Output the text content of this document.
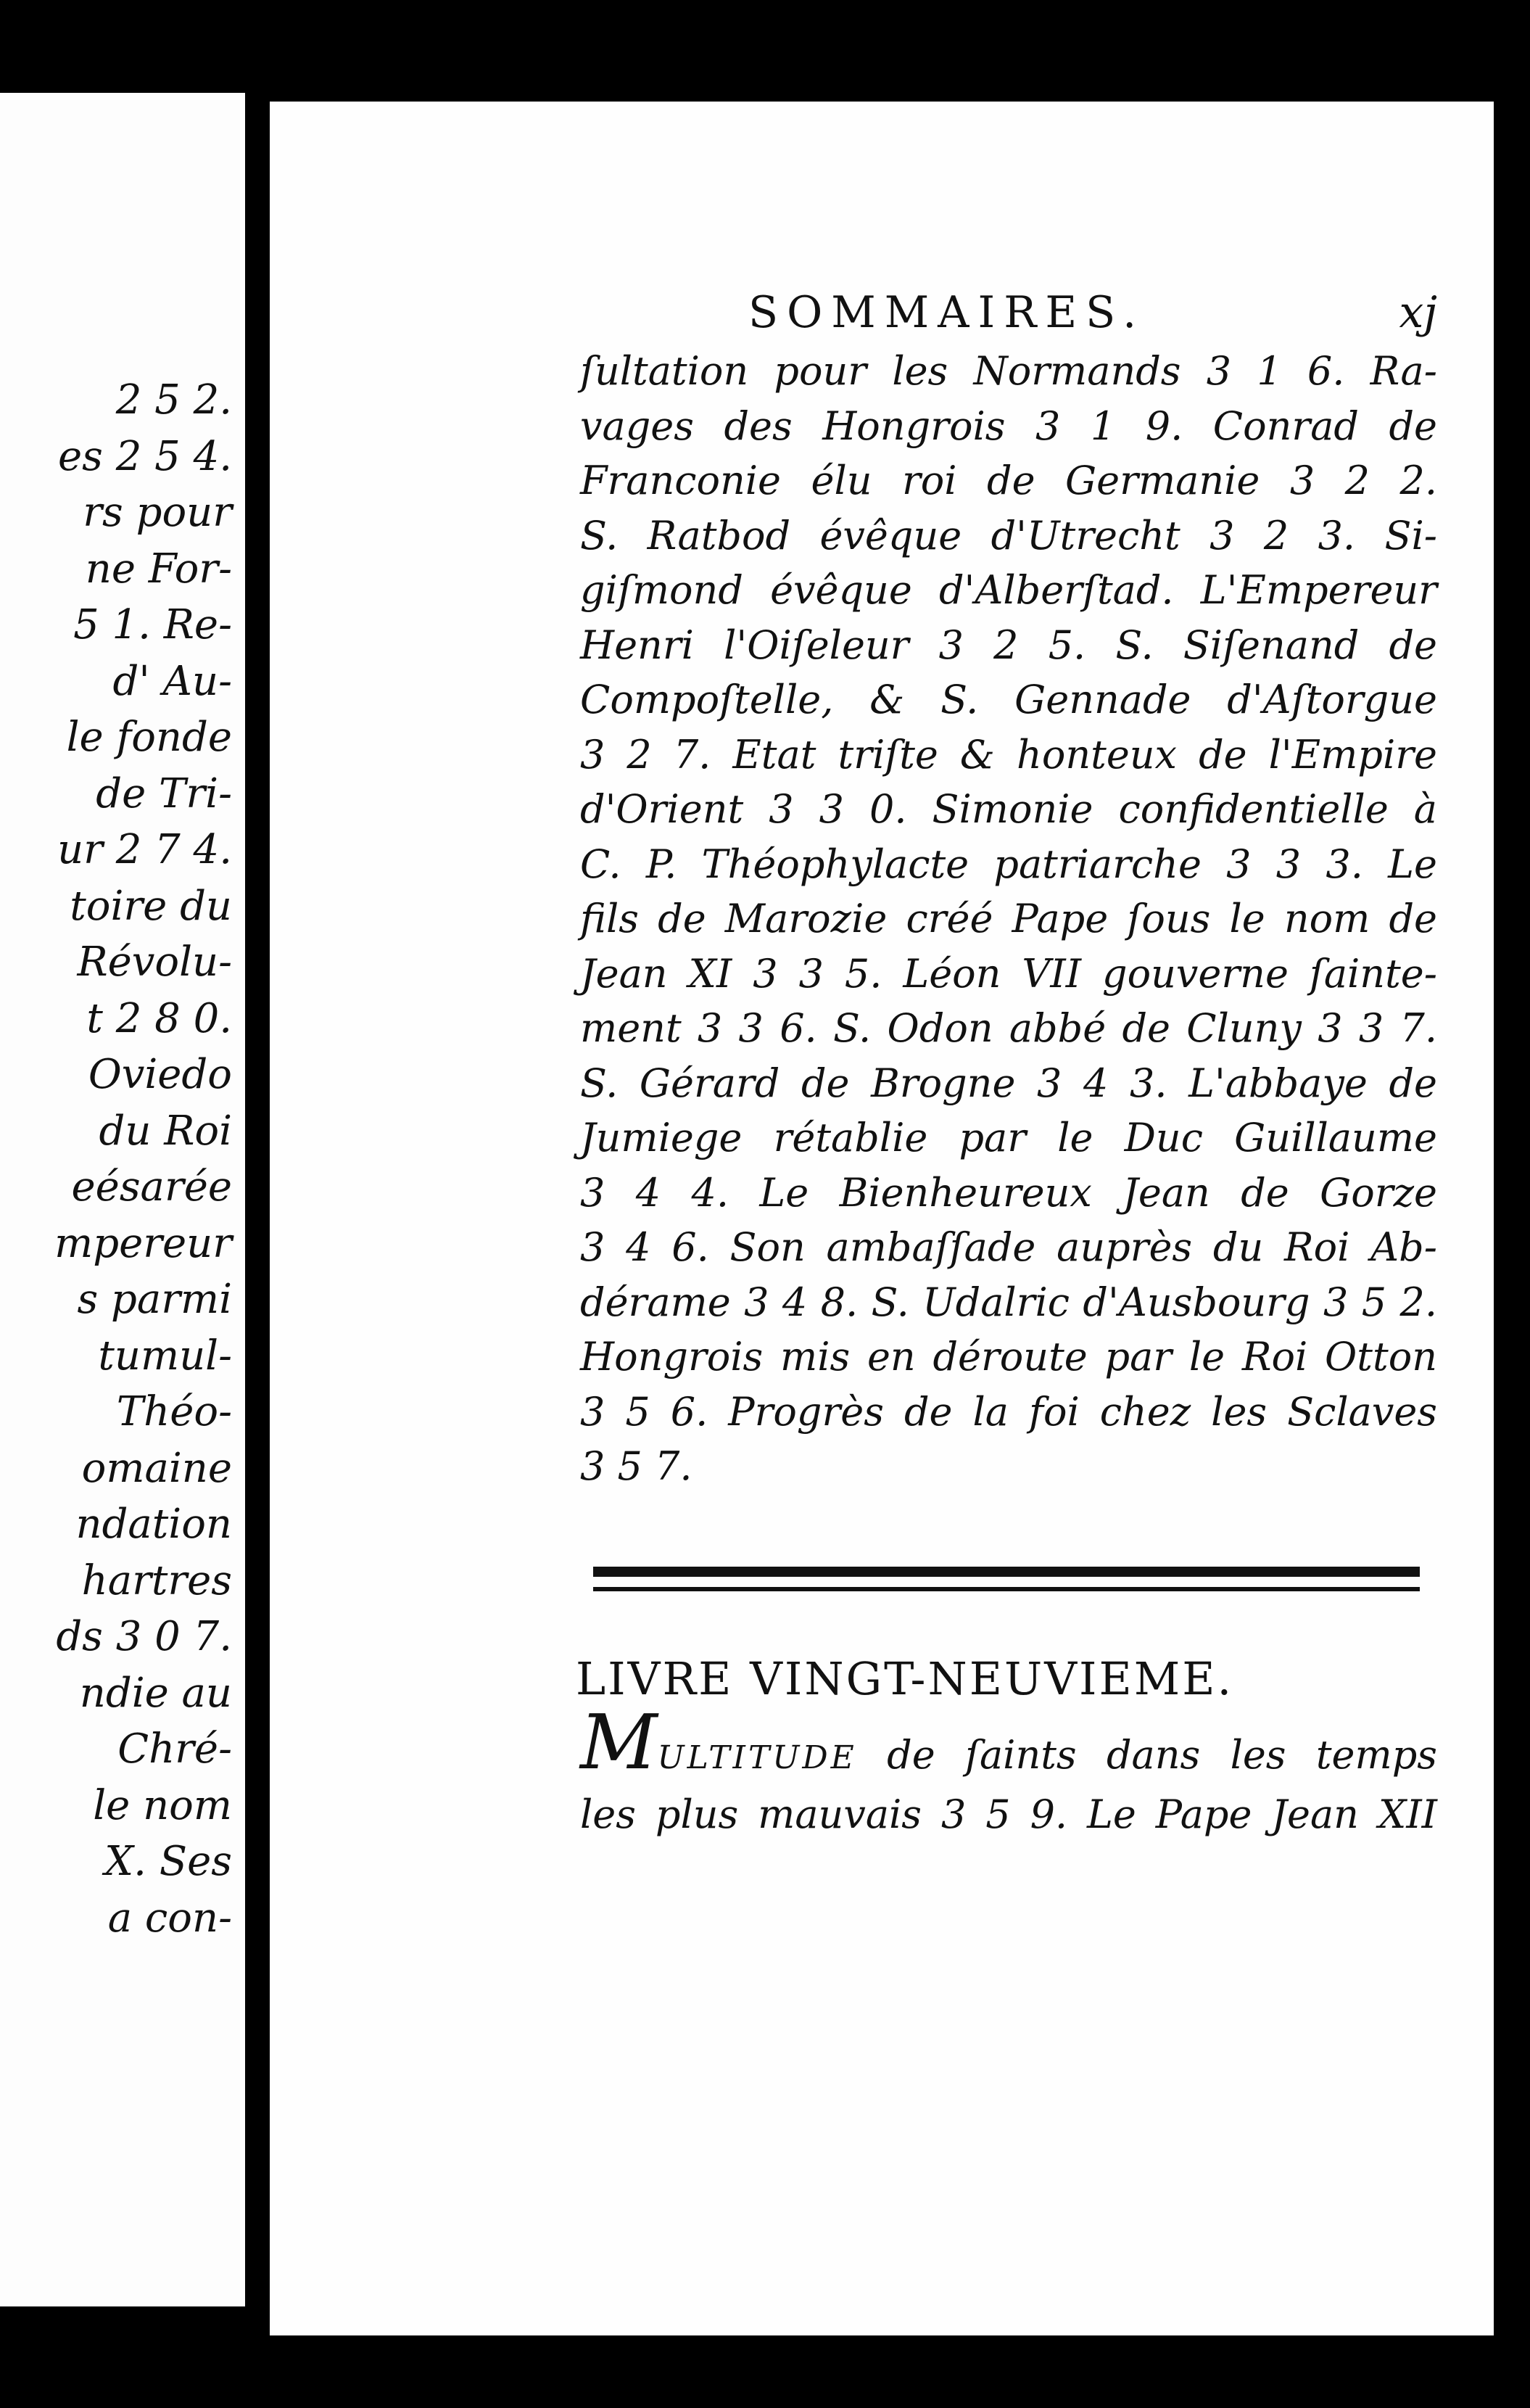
2 5 2.
es 2 5 4.
rs pour
ne For-
5 1. Re-
d' Au-
le fonde
de Tri-
ur 2 7 4.
toire du
Révolu-
t 2 8 0.
Oviedo
du Roi
eésarée
mpereur
s parmi
tumul-
Théo-
omaine
ndation
hartres
ds 3 0 7.
ndie au
Chré-
le nom
X. Ses
a con-
SOMMAIRES.	xj
ſultation pour les Normands 3 1 6. Ra-
vages des Hongrois 3 1 9. Conrad de
Franconie élu roi de Germanie 3 2 2.
S. Ratbod évêque d'Utrecht 3 2 3. Si-
giſmond évêque d'Alberſtad. L'Empereur
Henri l'Oiſeleur 3 2 5. S. Siſenand de
Compoſtelle, & S. Gennade d'Aſtorgue
3 2 7. Etat triſte & honteux de l'Empire
d'Orient 3 3 0. Simonie confidentielle à
C. P. Théophylacte patriarche 3 3 3. Le
fils de Marozie créé Pape ſous le nom de
Jean XI 3 3 5. Léon VII gouverne ſainte-
ment 3 3 6. S. Odon abbé de Cluny 3 3 7.
S. Gérard de Brogne 3 4 3. L'abbaye de
Jumiege rétablie par le Duc Guillaume
3 4 4. Le Bienheureux Jean de Gorze
3 4 6. Son ambaſſade auprès du Roi Ab-
dérame 3 4 8. S. Udalric d'Ausbourg 3 5 2.
Hongrois mis en déroute par le Roi Otton
3 5 6. Progrès de la foi chez les Sclaves
3 5 7.
LIVRE VINGT-NEUVIEME.
MULTITUDE de ſaints dans les temps
les plus mauvais 3 5 9. Le Pape Jean XII
